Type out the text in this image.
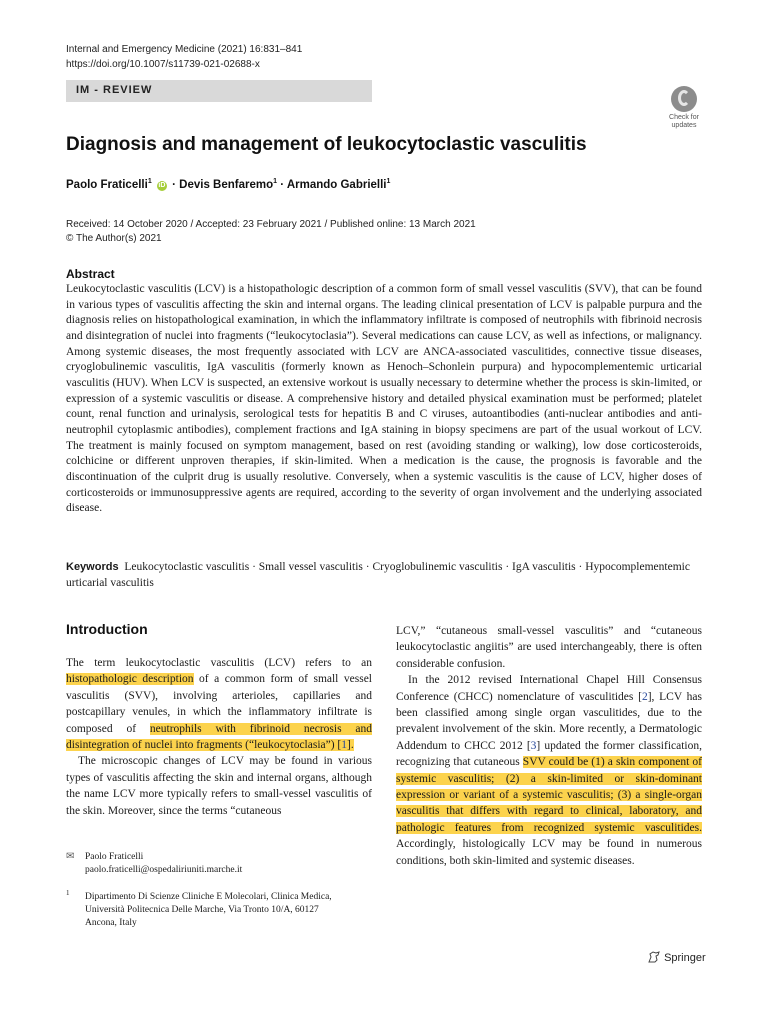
Internal and Emergency Medicine (2021) 16:831–841
https://doi.org/10.1007/s11739-021-02688-x
IM - REVIEW
Check for
updates
Diagnosis and management of leukocytoclastic vasculitis
Paolo Fraticelli$^1$ iD · Devis Benfaremo$^1$ · Armando Gabrielli$^1$
Received: 14 October 2020 / Accepted: 23 February 2021 / Published online: 13 March 2021
© The Author(s) 2021
Abstract
Leukocytoclastic vasculitis (LCV) is a histopathologic description of a common form of small vessel vasculitis (SVV), that can be found in various types of vasculitis affecting the skin and internal organs. The leading clinical presentation of LCV is palpable purpura and the diagnosis relies on histopathological examination, in which the inflammatory infiltrate is composed of neutrophils with fibrinoid necrosis and disintegration of nuclei into fragments (“leukocytoclasia”). Several medications can cause LCV, as well as infections, or malignancy. Among systemic diseases, the most frequently associated with LCV are ANCA-associated vasculitides, connective tissue diseases, cryoglobulinemic vasculitis, IgA vasculitis (formerly known as Henoch–Schonlein purpura) and hypocomplementemic urticarial vasculitis (HUV). When LCV is suspected, an extensive workout is usually necessary to determine whether the process is skin-limited, or expression of a systemic vasculitis or disease. A comprehensive history and detailed physical examination must be performed; platelet count, renal function and urinalysis, serological tests for hepatitis B and C viruses, autoantibodies (anti-nuclear antibodies and anti-neutrophil cytoplasmic antibodies), complement fractions and IgA staining in biopsy specimens are part of the usual workout of LCV. The treatment is mainly focused on symptom management, based on rest (avoiding standing or walking), low dose corticosteroids, colchicine or different unproven therapies, if skin-limited. When a medication is the cause, the prognosis is favorable and the discontinuation of the culprit drug is usually resolutive. Conversely, when a systemic vasculitis is the cause of LCV, higher doses of corticosteroids or immunosuppressive agents are required, according to the severity of organ involvement and the underlying associated disease.
Keywords Leukocytoclastic vasculitis · Small vessel vasculitis · Cryoglobulinemic vasculitis · IgA vasculitis · Hypocomplementemic urticarial vasculitis
Introduction

The term leukocytoclastic vasculitis (LCV) refers to an histopathologic description of a common form of small vessel vasculitis (SVV), involving arterioles, capillaries and postcapillary venules, in which the inflammatory infiltrate is composed of neutrophils with fibrinoid necrosis and disintegration of nuclei into fragments (“leukocytoclasia”) [1].

The microscopic changes of LCV may be found in various types of vasculitis affecting the skin and internal organs, although the name LCV more typically refers to small-vessel vasculitis of the skin. Moreover, since the terms “cutaneous

LCV,” “cutaneous small-vessel vasculitis” and “cutaneous leukocytoclastic angiitis” are used interchangeably, there is often considerable confusion.

In the 2012 revised International Chapel Hill Consensus Conference (CHCC) nomenclature of vasculitides [2], LCV has been classified among single organ vasculitides, due to the prevalent involvement of the skin. More recently, a Dermatologic Addendum to CHCC 2012 [3] updated the former classification, recognizing that cutaneous SVV could be (1) a skin component of systemic vasculitis; (2) a skin-limited or skin-dominant expression or variant of a systemic vasculitis; (3) a single-organ vasculitis that differs with regard to clinical, laboratory, and pathologic features from recognized systemic vasculitides. Accordingly, histologically LCV may be found in numerous conditions, both skin-limited and systemic diseases.

✉ Paolo Fraticelli
paolo.fraticelli@ospedaliriuniti.marche.it
1 Dipartimento Di Scienze Cliniche E Molecolari, Clinica Medica, Università Politecnica Delle Marche, Via Tronto 10/A, 60127 Ancona, Italy
Springer
